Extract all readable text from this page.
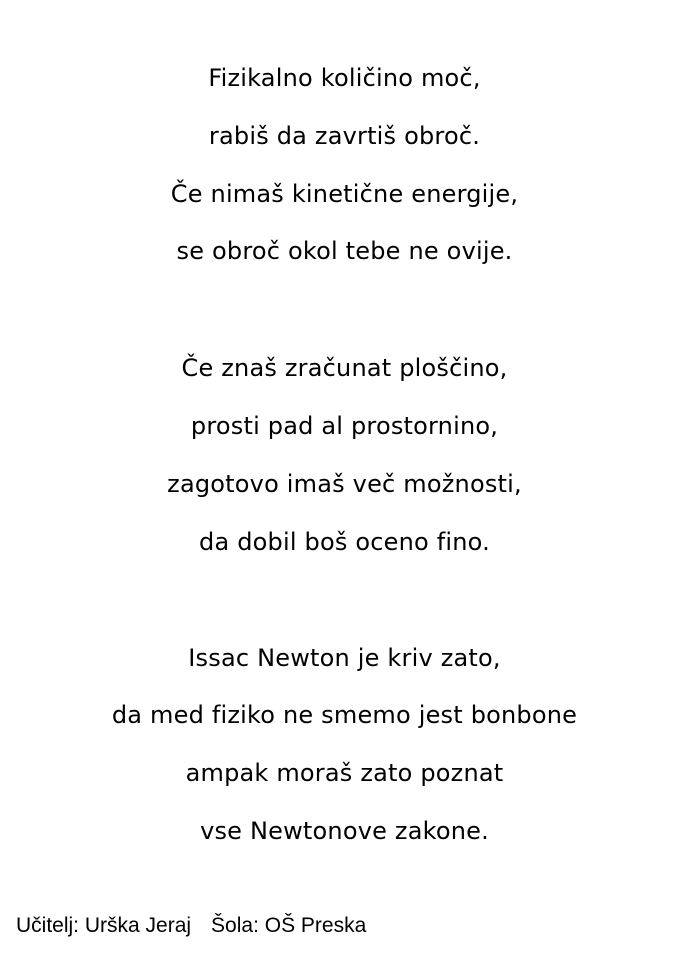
Fizikalno količino moč,
rabiš da zavrtiš obroč.
Če nimaš kinetične energije,
se obroč okol tebe ne ovije.
Če znaš zračunat ploščino,
prosti pad al prostornino,
zagotovo imaš več možnosti,
da dobil boš oceno fino.
Issac Newton je kriv zato,
da med fiziko ne smemo jest bonbone
ampak moraš zato poznat
vse Newtonove zakone.
Učitelj: Urška Jeraj Šola: OŠ Preska
